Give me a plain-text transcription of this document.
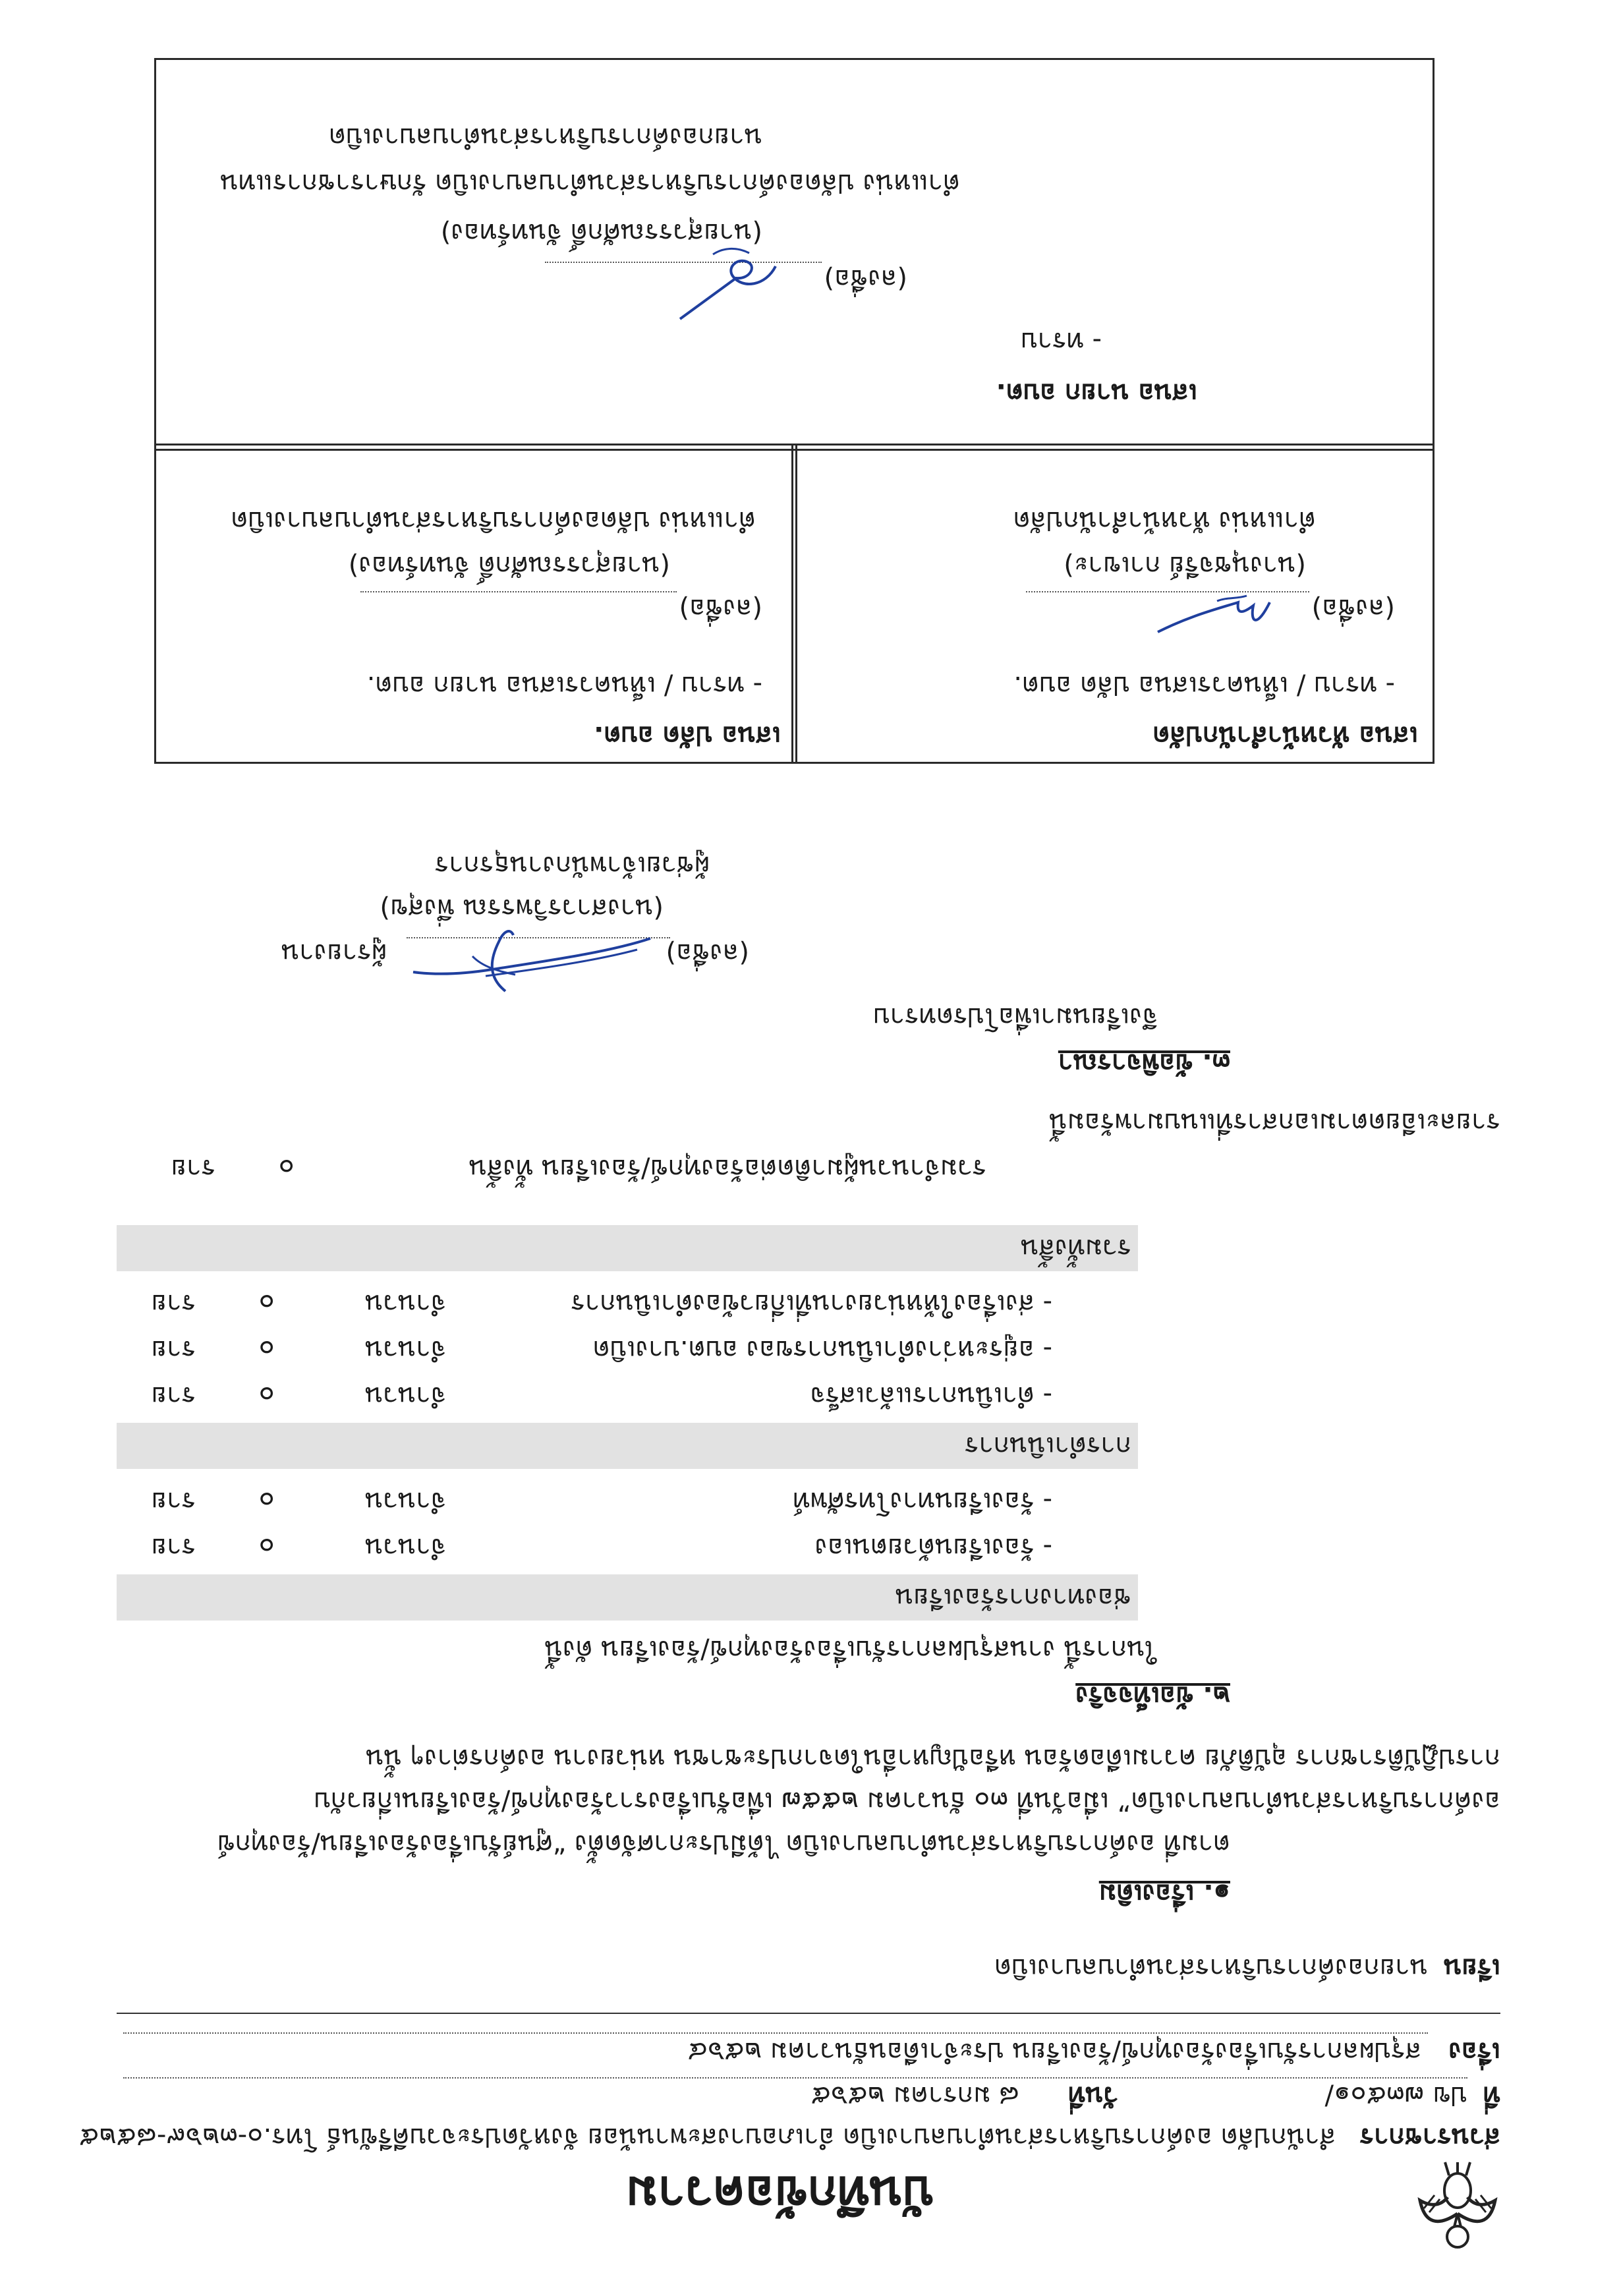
บันทึกข้อความ
ส่วนราชการ
สำนักปลัด องค์การบริหารส่วนตำบลบางเบิด อำเภอบางสะพานน้อย จังหวัดประจวบคีรีขันธ์ โทร.๐-๓๒๖๙-๘๕๒๕
ที่
ปข ๗๓๕๐๑/
วันที่
๘ มกราคม ๒๕๖๕
เรื่อง
สรุปผลการรับเรื่องร้องทุกข์/ร้องเรียน ประจำเดือนธันวาคม ๒๕๖๔
เรียน
นายกองค์การบริหารส่วนตำบลบางเบิด
๑. เรื่องเดิม
ตามที่ องค์การบริหารส่วนตำบลบางเบิด ได้มีประกาศจัดตั้ง “ศูนย์รับเรื่องร้องเรียน/ร้องทุกข์
องค์การบริหารส่วนตำบลบางเบิด” เมื่อวันที่ ๓๐ ธันวาคม ๒๕๕๗ เพื่อรับเรื่องราวร้องทุกข์/ร้องเรียนเกี่ยวกับ
การปฏิบัติราชการ อุบัติภัย ความเดือดร้อน หรือปัญหาอื่นใดจากประชาชน หน่วยงาน องค์กรต่างๆ นั้น
๒. ข้อเท็จจริง
ในการนี้ งานสรุปผลการรับเรื่องร้องทุกข์/ร้องเรียน ดังนี้
ช่องทางการร้องเรียน
- ร้องเรียนด้วยตนเอง
จำนวน
๐
ราย
- ร้องเรียนทางโทรศัพท์
จำนวน
๐
ราย
การดำเนินการ
- ดำเนินการแล้วเสร็จ
จำนวน
๐
ราย
- อยู่ระหว่างดำเนินการของ อบต.บางเบิด
จำนวน
๐
ราย
- ส่งเรื่องให้หน่วยงานที่เกี่ยวข้องดำเนินการ
จำนวน
๐
ราย
รวมทั้งสิ้น
รวมจำนวนผู้มาติดต่อร้องทุกข์/ร้องเรียน ทั้งสิ้น
๐
ราย
รายละเอียดตามเอกสารที่แนบมาพร้อมนี้
๓. ข้อพิจารณา
จึงเรียนมาเพื่อโปรดทราบ
(ลงชื่อ)
ผู้รายงาน
(นางสาวรวิพรรณ พึ่งสุข)
ผู้ช่วยเจ้าพนักงานธุรการ
เสนอ หัวหน้าสำนักปลัด
- ทราบ / เห็นควรเสนอ ปลัด อบต.
(ลงชื่อ)
(นางนุชจรีย์ กาเขาะ)
ตำแหน่ง หัวหน้าสำนักปลัด
เสนอ ปลัด อบต.
- ทราบ / เห็นควรเสนอ นายก อบต.
(ลงชื่อ)
(นายสุวรรณศักดิ์ จันทร์ทอง)
ตำแหน่ง ปลัดองค์การบริหารส่วนตำบลบางเบิด
เสนอ นายก อบต.
- ทราบ
(ลงชื่อ)
(นายสุวรรณศักดิ์ จันทร์ทอง)
ตำแหน่ง ปลัดองค์การบริหารส่วนตำบลบางเบิด รักษาราชการแทน
นายกองค์การบริหารส่วนตำบลบางเบิด
